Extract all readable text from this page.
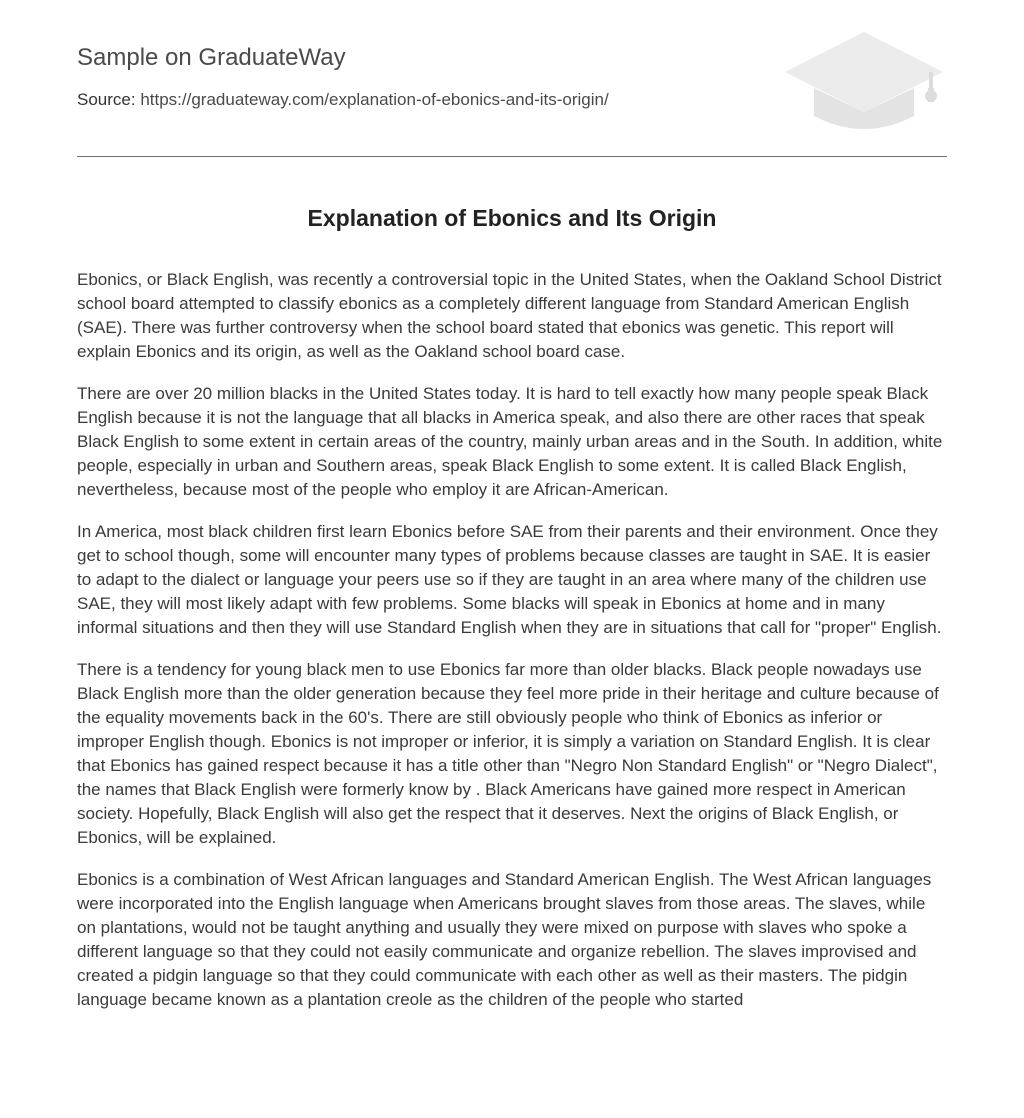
Sample on GraduateWay
Source: https://graduateway.com/explanation-of-ebonics-and-its-origin/
Explanation of Ebonics and Its Origin

Ebonics, or Black English, was recently a controversial topic in the United States, when the Oakland School District school board attempted to classify ebonics as a completely different language from Standard American English (SAE). There was further controversy when the school board stated that ebonics was genetic. This report will explain Ebonics and its origin, as well as the Oakland school board case.

There are over 20 million blacks in the United States today. It is hard to tell exactly how many people speak Black English because it is not the language that all blacks in America speak, and also there are other races that speak Black English to some extent in certain areas of the country, mainly urban areas and in the South. In addition, white people, especially in urban and Southern areas, speak Black English to some extent. It is called Black English, nevertheless, because most of the people who employ it are African-American.

In America, most black children first learn Ebonics before SAE from their parents and their environment. Once they get to school though, some will encounter many types of problems because classes are taught in SAE. It is easier to adapt to the dialect or language your peers use so if they are taught in an area where many of the children use SAE, they will most likely adapt with few problems. Some blacks will speak in Ebonics at home and in many informal situations and then they will use Standard English when they are in situations that call for "proper" English.

There is a tendency for young black men to use Ebonics far more than older blacks. Black people nowadays use Black English more than the older generation because they feel more pride in their heritage and culture because of the equality movements back in the 60's. There are still obviously people who think of Ebonics as inferior or improper English though. Ebonics is not improper or inferior, it is simply a variation on Standard English. It is clear that Ebonics has gained respect because it has a title other than "Negro Non Standard English" or "Negro Dialect", the names that Black English were formerly know by . Black Americans have gained more respect in American society. Hopefully, Black English will also get the respect that it deserves. Next the origins of Black English, or Ebonics, will be explained.

Ebonics is a combination of West African languages and Standard American English. The West African languages were incorporated into the English language when Americans brought slaves from those areas. The slaves, while on plantations, would not be taught anything and usually they were mixed on purpose with slaves who spoke a different language so that they could not easily communicate and organize rebellion. The slaves improvised and created a pidgin language so that they could communicate with each other as well as their masters. The pidgin language became known as a plantation creole as the children of the people who started
